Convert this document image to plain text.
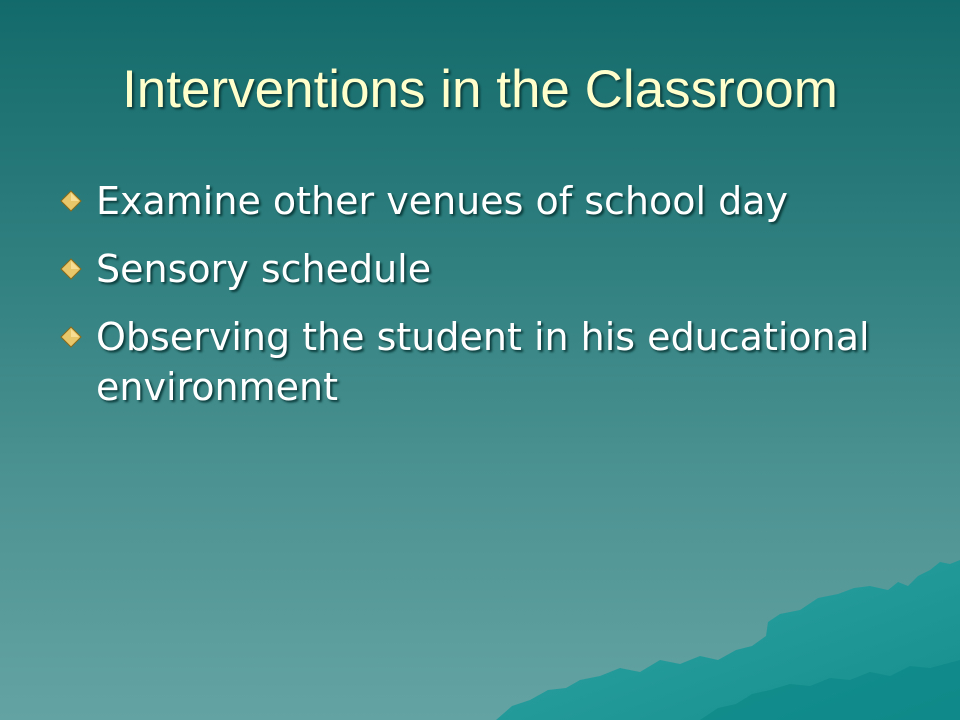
Interventions in the Classroom
Examine other venues of school day
Sensory schedule
Observing the student in his educational environment
